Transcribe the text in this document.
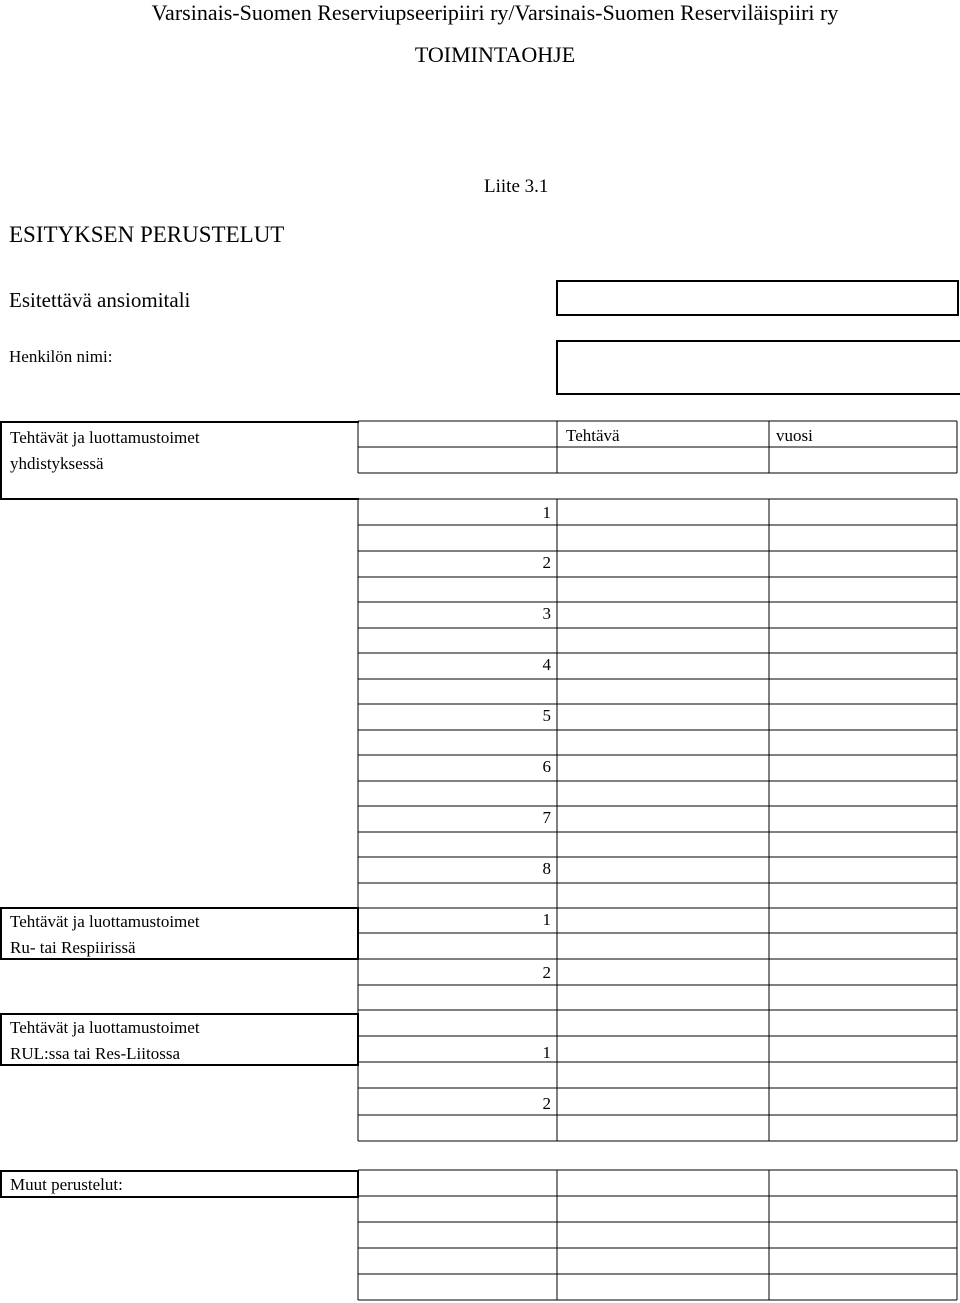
Varsinais-Suomen Reserviupseeripiiri ry/Varsinais-Suomen Reserviläispiiri ry
TOIMINTAOHJE
Liite 3.1
ESITYKSEN PERUSTELUT
Esitettävä ansiomitali
Henkilön nimi:
Tehtävät ja luottamustoimet
yhdistyksessä
Tehtävä	vuosi
1
2
3
4
5
6
7
8
1
2
1
2
Tehtävät ja luottamustoimet
Ru- tai Respiirissä
Tehtävät ja luottamustoimet
RUL:ssa tai Res-Liitossa
Muut perustelut:
